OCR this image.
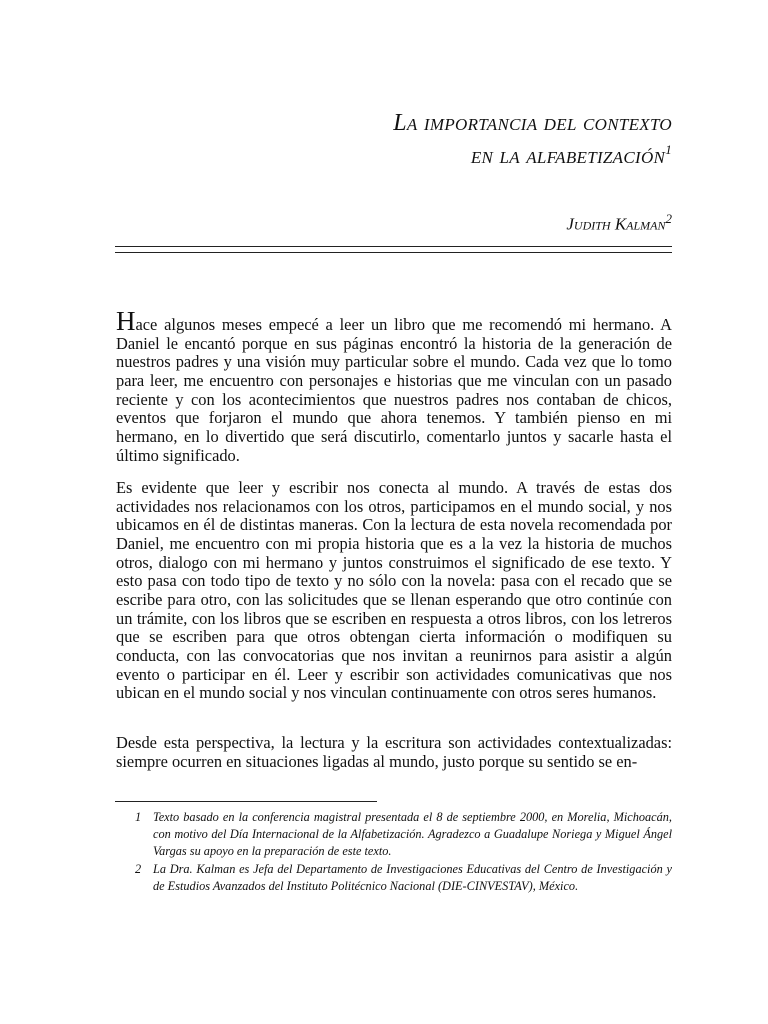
La importancia del contexto
en la alfabetización$^1$

Judith Kalman$^2$

Hace algunos meses empecé a leer un libro que me recomendó mi hermano. A Daniel le encantó porque en sus páginas encontró la historia de la generación de nuestros padres y una visión muy particular sobre el mundo. Cada vez que lo tomo para leer, me encuentro con personajes e historias que me vinculan con un pasado reciente y con los acontecimientos que nuestros padres nos contaban de chicos, eventos que forjaron el mundo que ahora tenemos. Y también pienso en mi hermano, en lo divertido que será discutirlo, comentarlo juntos y sacarle hasta el último significado.

Es evidente que leer y escribir nos conecta al mundo. A través de estas dos actividades nos relacionamos con los otros, participamos en el mundo social, y nos ubicamos en él de distintas maneras. Con la lectura de esta novela recomendada por Daniel, me encuentro con mi propia historia que es a la vez la historia de muchos otros, dialogo con mi hermano y juntos construimos el significado de ese texto. Y esto pasa con todo tipo de texto y no sólo con la novela: pasa con el recado que se escribe para otro, con las solicitudes que se llenan esperando que otro continúe con un trámite, con los libros que se escriben en respuesta a otros libros, con los letreros que se escriben para que otros obtengan cierta información o modifiquen su conducta, con las convocatorias que nos invitan a reunirnos para asistir a algún evento o participar en él. Leer y escribir son actividades comunicativas que nos ubican en el mundo social y nos vinculan continuamente con otros seres humanos.

Desde esta perspectiva, la lectura y la escritura son actividades contextualizadas: siempre ocurren en situaciones ligadas al mundo, justo porque su sentido se en-

1 Texto basado en la conferencia magistral presentada el 8 de septiembre 2000, en Morelia, Michoacán, con motivo del Día Internacional de la Alfabetización. Agradezco a Guadalupe Noriega y Miguel Ángel Vargas su apoyo en la preparación de este texto.
2 La Dra. Kalman es Jefa del Departamento de Investigaciones Educativas del Centro de Investigación y de Estudios Avanzados del Instituto Politécnico Nacional (DIE-CINVESTAV), México.
